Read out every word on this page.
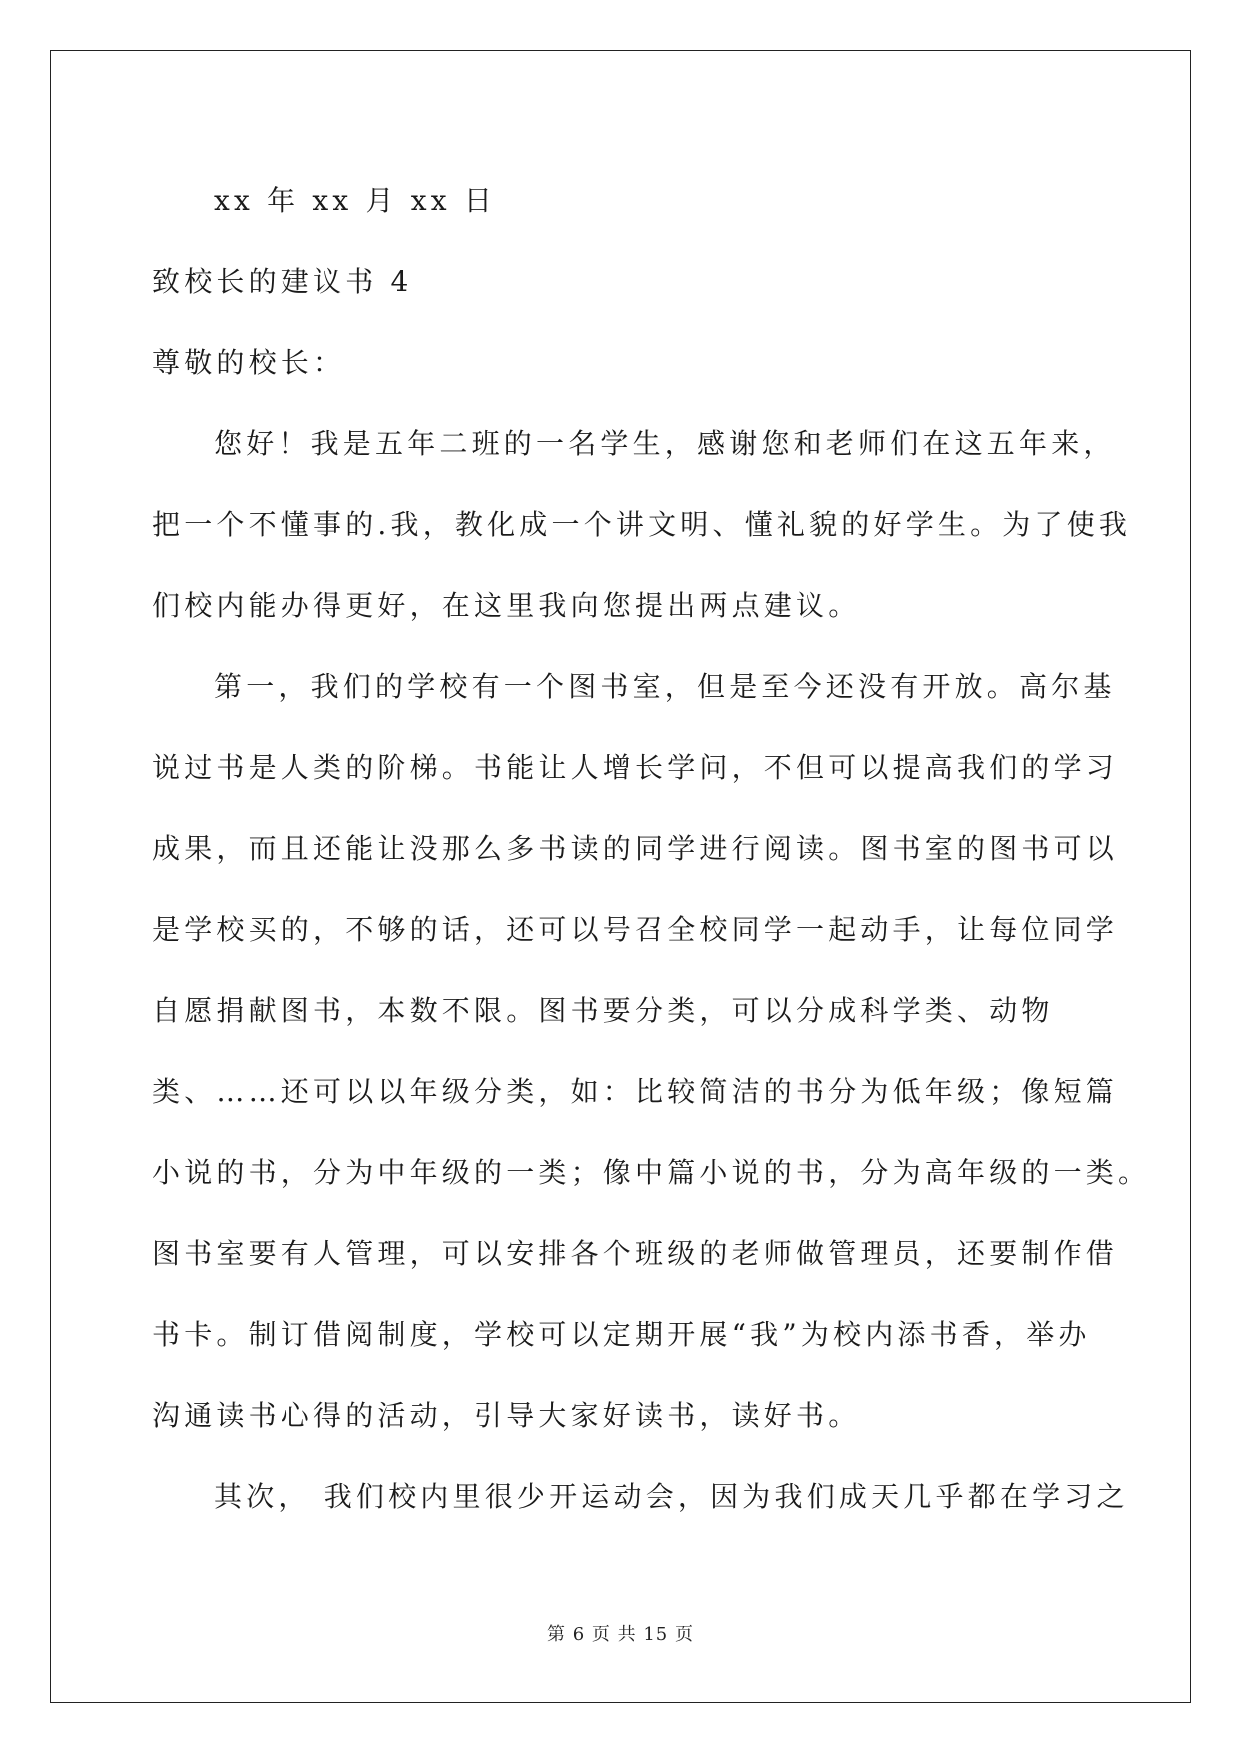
xx 年 xx 月 xx 日
致校长的建议书 4
尊敬的校长：
您好！我是五年二班的一名学生，感谢您和老师们在这五年来，
把一个不懂事的.我，教化成一个讲文明、懂礼貌的好学生。为了使我
们校内能办得更好，在这里我向您提出两点建议。
第一，我们的学校有一个图书室，但是至今还没有开放。高尔基
说过书是人类的阶梯。书能让人增长学问，不但可以提高我们的学习
成果，而且还能让没那么多书读的同学进行阅读。图书室的图书可以
是学校买的，不够的话，还可以号召全校同学一起动手，让每位同学
自愿捐献图书，本数不限。图书要分类，可以分成科学类、动物
类、……还可以以年级分类，如：比较简洁的书分为低年级；像短篇
小说的书，分为中年级的一类；像中篇小说的书，分为高年级的一类。
图书室要有人管理，可以安排各个班级的老师做管理员，还要制作借
书卡。制订借阅制度，学校可以定期开展“我”为校内添书香，举办
沟通读书心得的活动，引导大家好读书，读好书。
其次， 我们校内里很少开运动会，因为我们成天几乎都在学习之
第 6 页 共 15 页
